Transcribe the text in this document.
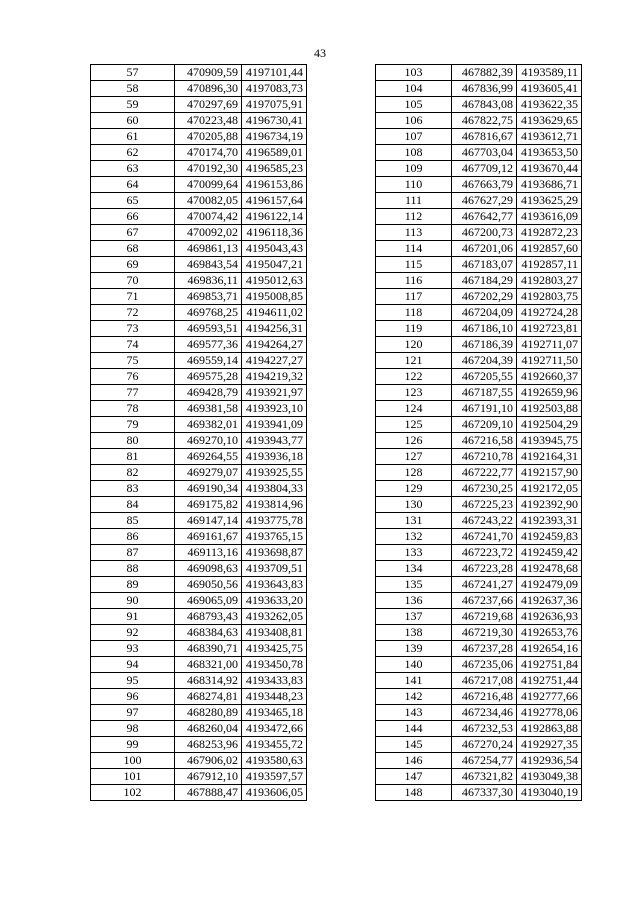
43
57	470909,59	4197101,44
58	470896,30	4197083,73
59	470297,69	4197075,91
60	470223,48	4196730,41
61	470205,88	4196734,19
62	470174,70	4196589,01
63	470192,30	4196585,23
64	470099,64	4196153,86
65	470082,05	4196157,64
66	470074,42	4196122,14
67	470092,02	4196118,36
68	469861,13	4195043,43
69	469843,54	4195047,21
70	469836,11	4195012,63
71	469853,71	4195008,85
72	469768,25	4194611,02
73	469593,51	4194256,31
74	469577,36	4194264,27
75	469559,14	4194227,27
76	469575,28	4194219,32
77	469428,79	4193921,97
78	469381,58	4193923,10
79	469382,01	4193941,09
80	469270,10	4193943,77
81	469264,55	4193936,18
82	469279,07	4193925,55
83	469190,34	4193804,33
84	469175,82	4193814,96
85	469147,14	4193775,78
86	469161,67	4193765,15
87	469113,16	4193698,87
88	469098,63	4193709,51
89	469050,56	4193643,83
90	469065,09	4193633,20
91	468793,43	4193262,05
92	468384,63	4193408,81
93	468390,71	4193425,75
94	468321,00	4193450,78
95	468314,92	4193433,83
96	468274,81	4193448,23
97	468280,89	4193465,18
98	468260,04	4193472,66
99	468253,96	4193455,72
100	467906,02	4193580,63
101	467912,10	4193597,57
102	467888,47	4193606,05
103	467882,39	4193589,11
104	467836,99	4193605,41
105	467843,08	4193622,35
106	467822,75	4193629,65
107	467816,67	4193612,71
108	467703,04	4193653,50
109	467709,12	4193670,44
110	467663,79	4193686,71
111	467627,29	4193625,29
112	467642,77	4193616,09
113	467200,73	4192872,23
114	467201,06	4192857,60
115	467183,07	4192857,11
116	467184,29	4192803,27
117	467202,29	4192803,75
118	467204,09	4192724,28
119	467186,10	4192723,81
120	467186,39	4192711,07
121	467204,39	4192711,50
122	467205,55	4192660,37
123	467187,55	4192659,96
124	467191,10	4192503,88
125	467209,10	4192504,29
126	467216,58	4193945,75
127	467210,78	4192164,31
128	467222,77	4192157,90
129	467230,25	4192172,05
130	467225,23	4192392,90
131	467243,22	4192393,31
132	467241,70	4192459,83
133	467223,72	4192459,42
134	467223,28	4192478,68
135	467241,27	4192479,09
136	467237,66	4192637,36
137	467219,68	4192636,93
138	467219,30	4192653,76
139	467237,28	4192654,16
140	467235,06	4192751,84
141	467217,08	4192751,44
142	467216,48	4192777,66
143	467234,46	4192778,06
144	467232,53	4192863,88
145	467270,24	4192927,35
146	467254,77	4192936,54
147	467321,82	4193049,38
148	467337,30	4193040,19
